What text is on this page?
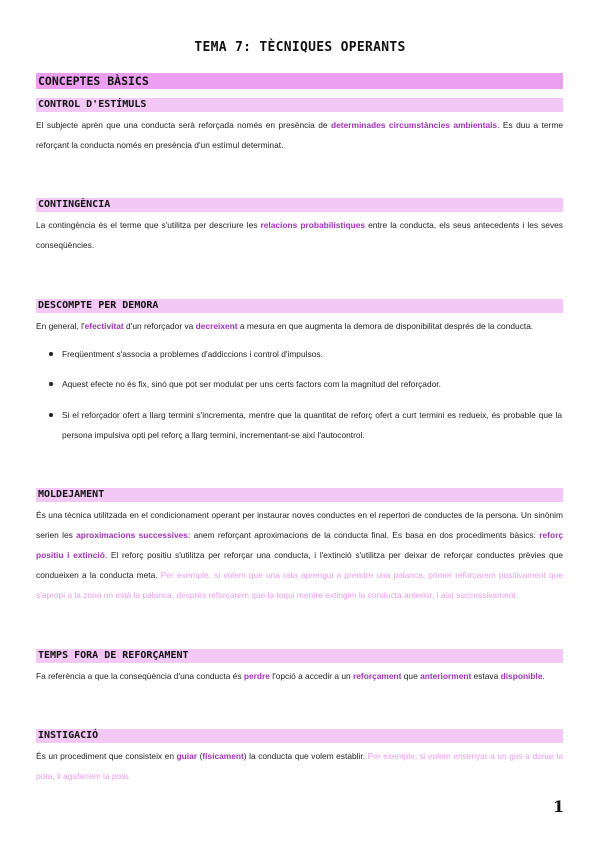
TEMA 7: TÈCNIQUES OPERANTS
CONCEPTES BÀSICS
CONTROL D'ESTÍMULS
El subjecte aprèn que una conducta serà reforçada només en presència de determinades circumstàncies ambientals. Es duu a terme reforçant la conducta només en presència d'un estímul determinat.
CONTINGÈNCIA
La contingència és el terme que s'utilitza per descriure les relacions probabilístiques entre la conducta, els seus antecedents i les seves conseqüències.
DESCOMPTE PER DEMORA
En general, l'efectivitat d'un reforçador va decreixent a mesura en que augmenta la demora de disponibilitat després de la conducta.
Freqüentment s'associa a problemes d'addiccions i control d'impulsos.
Aquest efecte no és fix, sinó que pot ser modulat per uns certs factors com la magnitud del reforçador.
Si el reforçador ofert a llarg termini s'incrementa, mentre que la quantitat de reforç ofert a curt termini es redueix, és probable que la persona impulsiva opti pel reforç a llarg termini, incrementant-se així l'autocontrol.
MOLDEJAMENT
És una tècnica utilitzada en el condicionament operant per instaurar noves conductes en el repertori de conductes de la persona. Un sinònim serien les aproximacions successives: anem reforçant aproximacions de la conducta final. Es basa en dos procediments bàsics: reforç positiu i extinció. El reforç positiu s'utilitza per reforçar una conducta, i l'extinció s'utilitza per deixar de reforçar conductes prèvies que condueixen a la conducta meta. Per exemple, si volem que una rata aprengui a prendre una palanca, primer reforçarem positivament que s'apropi a la zona on està la palanca, després reforçarem que la toqui mentre extingim la conducta anterior, i així successivament.
TEMPS FORA DE REFORÇAMENT
Fa referència a que la conseqüència d'una conducta és perdre l'opció a accedir a un reforçament que anteriorment estava disponible.
INSTIGACIÓ
És un procediment que consisteix en guiar (físicament) la conducta que volem establir. Per exemple, si volem ensenyar a un gos a donar la pota, li agafaríem la pota.
1
